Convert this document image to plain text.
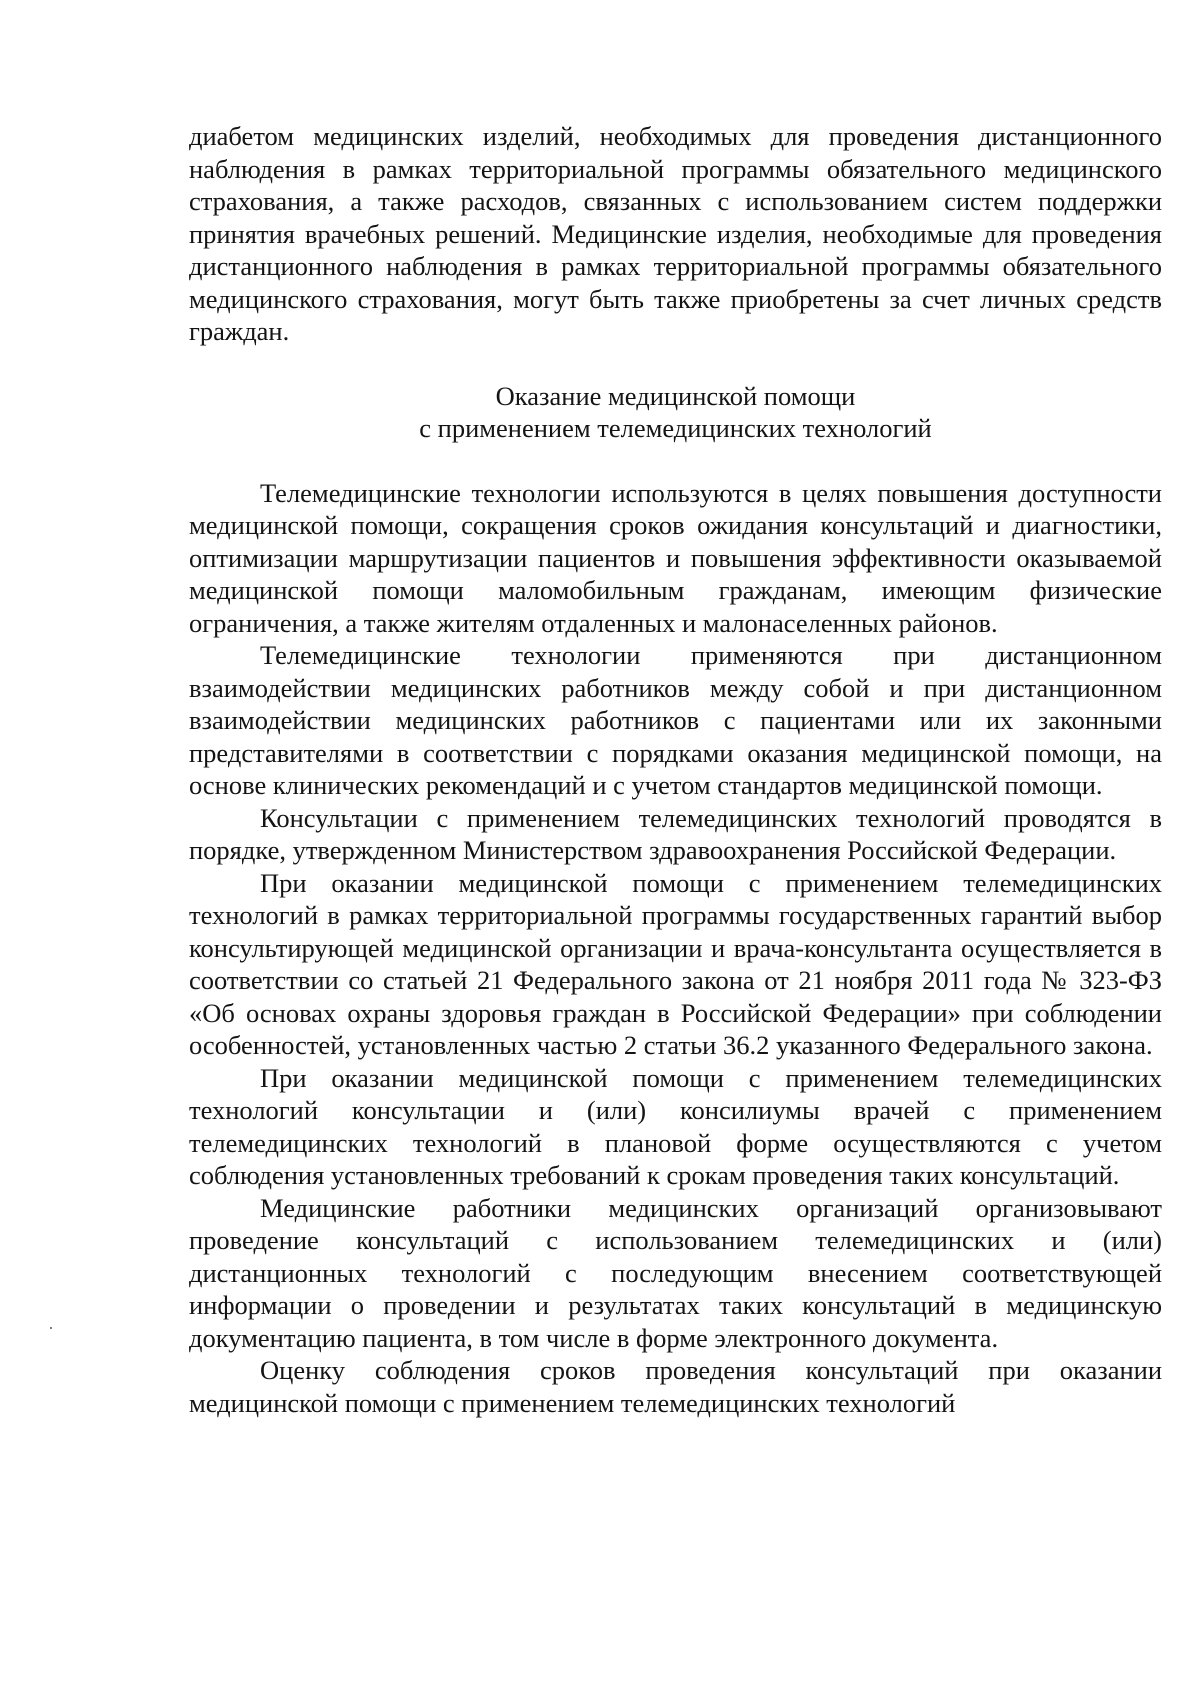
диабетом медицинских изделий, необходимых для проведения дистанционного наблюдения в рамках территориальной программы обязательного медицинского страхования, а также расходов, связанных с использованием систем поддержки принятия врачебных решений. Медицинские изделия, необходимые для проведения дистанционного наблюдения в рамках территориальной программы обязательного медицинского страхования, могут быть также приобретены за счет личных средств граждан.

Оказание медицинской помощи

с применением телемедицинских технологий

Телемедицинские технологии используются в целях повышения доступности медицинской помощи, сокращения сроков ожидания консультаций и диагностики, оптимизации маршрутизации пациентов и повышения эффективности оказываемой медицинской помощи маломобильным гражданам, имеющим физические ограничения, а также жителям отдаленных и малонаселенных районов.

Телемедицинские технологии применяются при дистанционном взаимодействии медицинских работников между собой и при дистанционном взаимодействии медицинских работников с пациентами или их законными представителями в соответствии с порядками оказания медицинской помощи, на основе клинических рекомендаций и с учетом стандартов медицинской помощи.

Консультации с применением телемедицинских технологий проводятся в порядке, утвержденном Министерством здравоохранения Российской Федерации.

При оказании медицинской помощи с применением телемедицинских технологий в рамках территориальной программы государственных гарантий выбор консультирующей медицинской организации и врача-консультанта осуществляется в соответствии со статьей 21 Федерального закона от 21 ноября 2011 года № 323-ФЗ «Об основах охраны здоровья граждан в Российской Федерации» при соблюдении особенностей, установленных частью 2 статьи 36.2 указанного Федерального закона.

При оказании медицинской помощи с применением телемедицинских технологий консультации и (или) консилиумы врачей с применением телемедицинских технологий в плановой форме осуществляются с учетом соблюдения установленных требований к срокам проведения таких консультаций.

Медицинские работники медицинских организаций организовывают проведение консультаций с использованием телемедицинских и (или) дистанционных технологий с последующим внесением соответствующей информации о проведении и результатах таких консультаций в медицинскую документацию пациента, в том числе в форме электронного документа.

Оценку соблюдения сроков проведения консультаций при оказании медицинской помощи с применением телемедицинских технологий
